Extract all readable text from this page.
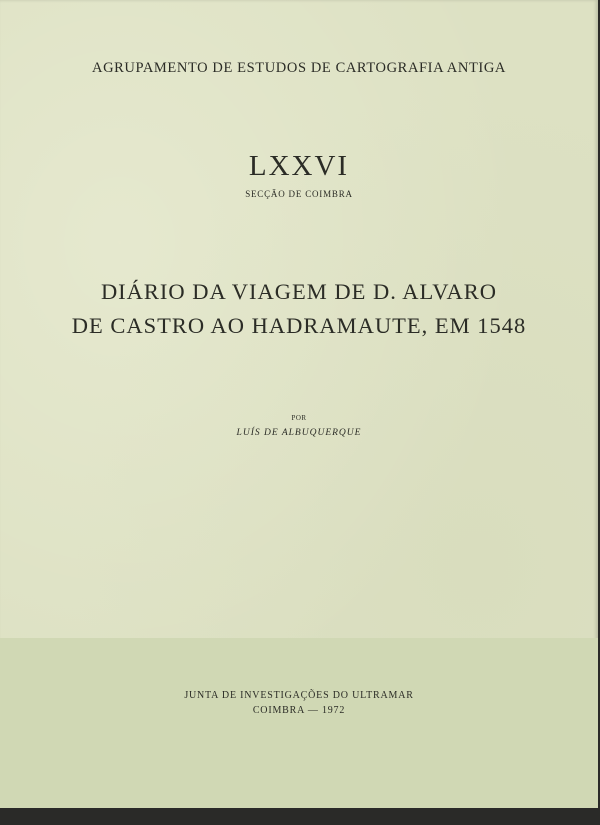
AGRUPAMENTO DE ESTUDOS DE CARTOGRAFIA ANTIGA
LXXVI
SECÇÃO DE COIMBRA
DIÁRIO DA VIAGEM DE D. ALVARO
DE CASTRO AO HADRAMAUTE, EM 1548
POR
LUÍS DE ALBUQUERQUE
JUNTA DE INVESTIGAÇÕES DO ULTRAMAR
COIMBRA — 1972
